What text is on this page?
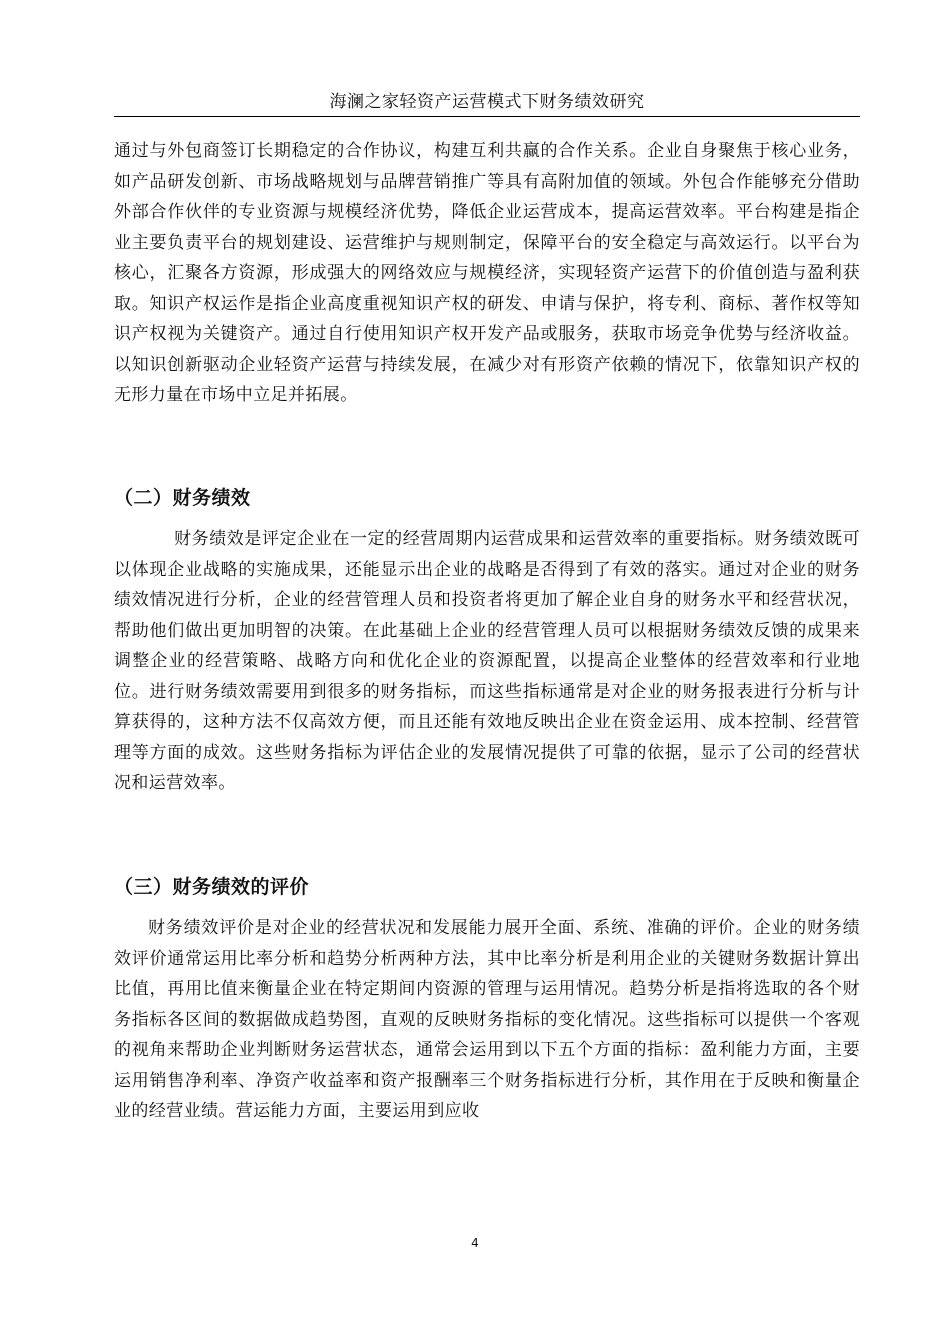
海澜之家轻资产运营模式下财务绩效研究

通过与外包商签订长期稳定的合作协议，构建互利共赢的合作关系。企业自身聚焦于核心业务，如产品研发创新、市场战略规划与品牌营销推广等具有高附加值的领域。外包合作能够充分借助外部合作伙伴的专业资源与规模经济优势，降低企业运营成本，提高运营效率。平台构建是指企业主要负责平台的规划建设、运营维护与规则制定，保障平台的安全稳定与高效运行。以平台为核心，汇聚各方资源，形成强大的网络效应与规模经济，实现轻资产运营下的价值创造与盈利获取。知识产权运作是指企业高度重视知识产权的研发、申请与保护，将专利、商标、著作权等知识产权视为关键资产。通过自行使用知识产权开发产品或服务，获取市场竞争优势与经济收益。以知识创新驱动企业轻资产运营与持续发展，在减少对有形资产依赖的情况下，依靠知识产权的无形力量在市场中立足并拓展。

（二）财务绩效

财务绩效是评定企业在一定的经营周期内运营成果和运营效率的重要指标。财务绩效既可以体现企业战略的实施成果，还能显示出企业的战略是否得到了有效的落实。通过对企业的财务绩效情况进行分析，企业的经营管理人员和投资者将更加了解企业自身的财务水平和经营状况，帮助他们做出更加明智的决策。在此基础上企业的经营管理人员可以根据财务绩效反馈的成果来调整企业的经营策略、战略方向和优化企业的资源配置，以提高企业整体的经营效率和行业地位。进行财务绩效需要用到很多的财务指标，而这些指标通常是对企业的财务报表进行分析与计算获得的，这种方法不仅高效方便，而且还能有效地反映出企业在资金运用、成本控制、经营管理等方面的成效。这些财务指标为评估企业的发展情况提供了可靠的依据，显示了公司的经营状况和运营效率。

（三）财务绩效的评价

财务绩效评价是对企业的经营状况和发展能力展开全面、系统、准确的评价。企业的财务绩效评价通常运用比率分析和趋势分析两种方法，其中比率分析是利用企业的关键财务数据计算出比值，再用比值来衡量企业在特定期间内资源的管理与运用情况。趋势分析是指将选取的各个财务指标各区间的数据做成趋势图，直观的反映财务指标的变化情况。这些指标可以提供一个客观的视角来帮助企业判断财务运营状态，通常会运用到以下五个方面的指标：盈利能力方面，主要运用销售净利率、净资产收益率和资产报酬率三个财务指标进行分析，其作用在于反映和衡量企业的经营业绩。营运能力方面，主要运用到应收

4
